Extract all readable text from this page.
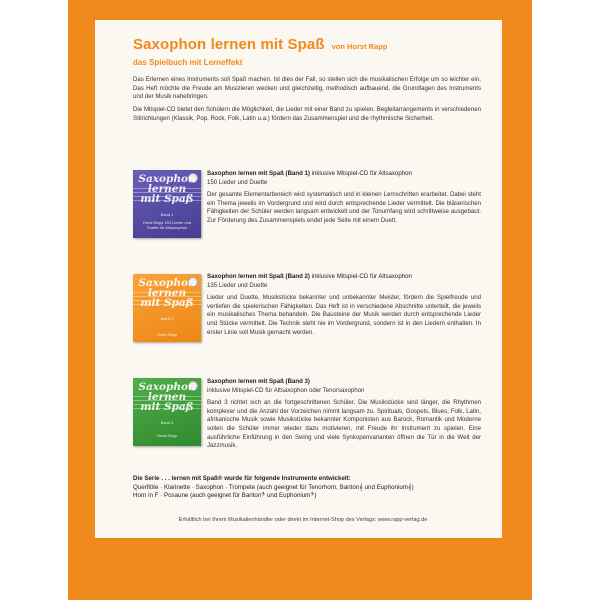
Saxophon lernen mit Spaß von Horst Rapp
das Spielbuch mit Lerneffekt

Das Erlernen eines Instruments soll Spaß machen. Ist dies der Fall, so stellen sich die musikalischen Erfolge um so leichter ein. Das Heft möchte die Freude am Musizieren wecken und gleichzeitig, methodisch aufbauend, die Grundlagen des Instruments und der Musik nahebringen.

Die Mitspiel-CD bietet den Schülern die Möglichkeit, die Lieder mit einer Band zu spielen. Begleitarrangements in verschiedenen Stilrichtungen (Klassik, Pop, Rock, Folk, Latin u.a.) fördern das Zusammenspiel und die rhythmische Sicherheit.

Saxophon lernen mit Spaß
Band 1
Horst Rapp 150 Lieder und Duette für Altsaxophon
Saxophon lernen mit Spaß (Band 1) inklusive Mitspiel-CD für Altsaxophon
150 Lieder und Duette
Der gesamte Elementarbereich wird systematisch und in kleinen Lernschritten erarbeitet. Dabei steht ein Thema jeweils im Vordergrund und wird durch entsprechende Lieder vermittelt. Die bläserischen Fähigkeiten der Schüler werden langsam entwickelt und der Tonumfang wird schrittweise ausgebaut. Zur Förderung des Zusammenspiels endet jede Seite mit einem Duett.
Saxophon lernen mit Spaß
Band 2
Horst Rapp
Saxophon lernen mit Spaß (Band 2) inklusive Mitspiel-CD für Altsaxophon
135 Lieder und Duette
Lieder und Duette, Musikstücke bekannter und unbekannter Meister, fördern die Spielfreude und vertiefen die spielerischen Fähigkeiten. Das Heft ist in verschiedene Abschnitte unterteilt, die jeweils ein musikalisches Thema behandeln. Die Bausteine der Musik werden durch entsprechende Lieder und Stücke vermittelt. Die Technik steht nie im Vordergrund, sondern ist in den Liedern enthalten. In erster Linie soll Musik gemacht werden.
Saxophon lernen mit Spaß
Band 3
Horst Rapp
Saxophon lernen mit Spaß (Band 3)
inklusive Mitspiel-CD für Altsaxophon oder Tenorsaxophon
Band 3 richtet sich an die fortgeschrittenen Schüler. Die Musikstücke sind länger, die Rhythmen komplexer und die Anzahl der Vorzeichen nimmt langsam zu. Spirituals, Gospels, Blues, Folk, Latin, afrikanische Musik sowie Musikstücke bekannter Komponisten aus Barock, Romantik und Moderne sollen die Schüler immer wieder dazu motivieren, mit Freude ihr Instrument zu spielen. Eine ausführliche Einführung in den Swing und viele Synkopenvarianten öffnen die Tür in die Welt der Jazzmusik.
Die Serie . . . lernen mit Spaß® wurde für folgende Instrumente entwickelt:
Querflöte · Klarinette · Saxophon · Trompete (auch geeignet für Tenorhorn, Bariton𝄞 und Euphonium𝄞)
Horn in F · Posaune (auch geeignet für Bariton𝄢 und Euphonium𝄢)
Erhältlich bei Ihrem Musikalienhändler oder direkt im Internet-Shop des Verlags: www.rapp-verlag.de
